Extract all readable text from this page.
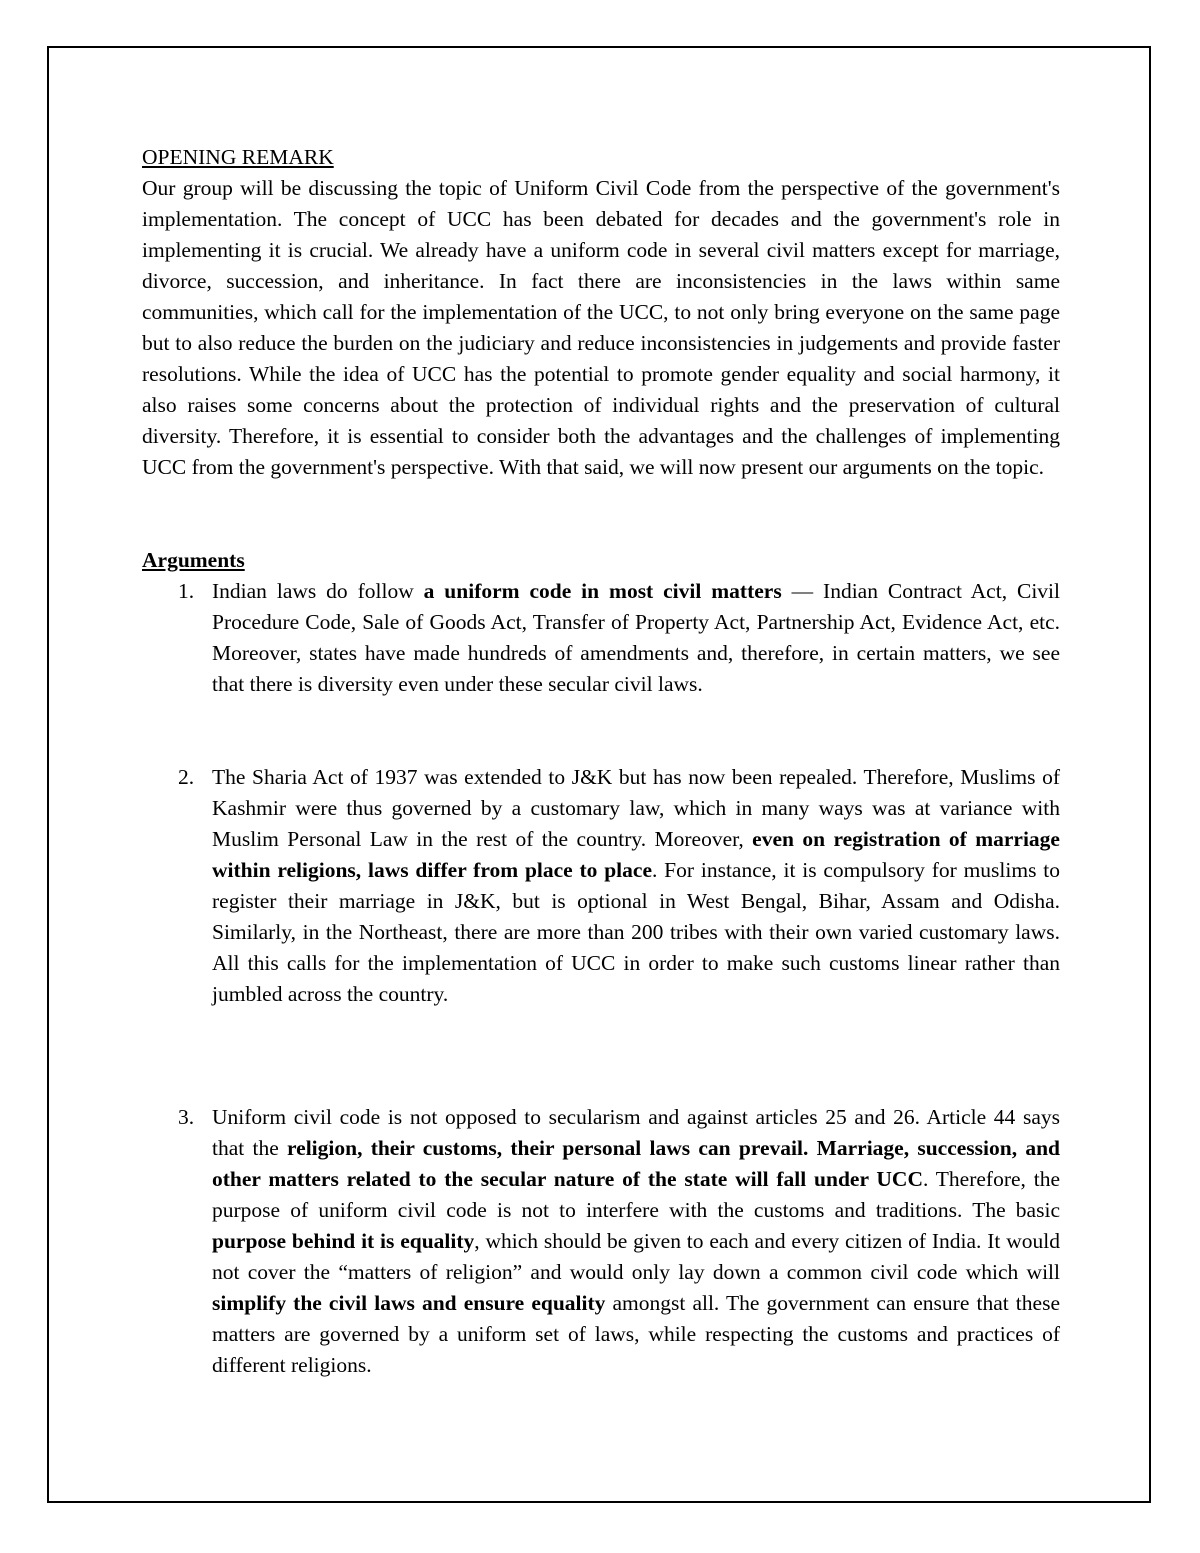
OPENING REMARK

Our group will be discussing the topic of Uniform Civil Code from the perspective of the government's implementation. The concept of UCC has been debated for decades and the government's role in implementing it is crucial. We already have a uniform code in several civil matters except for marriage, divorce, succession, and inheritance. In fact there are inconsistencies in the laws within same communities, which call for the implementation of the UCC, to not only bring everyone on the same page but to also reduce the burden on the judiciary and reduce inconsistencies in judgements and provide faster resolutions. While the idea of UCC has the potential to promote gender equality and social harmony, it also raises some concerns about the protection of individual rights and the preservation of cultural diversity. Therefore, it is essential to consider both the advantages and the challenges of implementing UCC from the government's perspective. With that said, we will now present our arguments on the topic.

Arguments
1. Indian laws do follow a uniform code in most civil matters — Indian Contract Act, Civil Procedure Code, Sale of Goods Act, Transfer of Property Act, Partnership Act, Evidence Act, etc. Moreover, states have made hundreds of amendments and, therefore, in certain matters, we see that there is diversity even under these secular civil laws.
2. The Sharia Act of 1937 was extended to J&K but has now been repealed. Therefore, Muslims of Kashmir were thus governed by a customary law, which in many ways was at variance with Muslim Personal Law in the rest of the country. Moreover, even on registration of marriage within religions, laws differ from place to place. For instance, it is compulsory for muslims to register their marriage in J&K, but is optional in West Bengal, Bihar, Assam and Odisha. Similarly, in the Northeast, there are more than 200 tribes with their own varied customary laws. All this calls for the implementation of UCC in order to make such customs linear rather than jumbled across the country.
3. Uniform civil code is not opposed to secularism and against articles 25 and 26. Article 44 says that the religion, their customs, their personal laws can prevail. Marriage, succession, and other matters related to the secular nature of the state will fall under UCC. Therefore, the purpose of uniform civil code is not to interfere with the customs and traditions. The basic purpose behind it is equality, which should be given to each and every citizen of India. It would not cover the “matters of religion” and would only lay down a common civil code which will simplify the civil laws and ensure equality amongst all. The government can ensure that these matters are governed by a uniform set of laws, while respecting the customs and practices of different religions.
